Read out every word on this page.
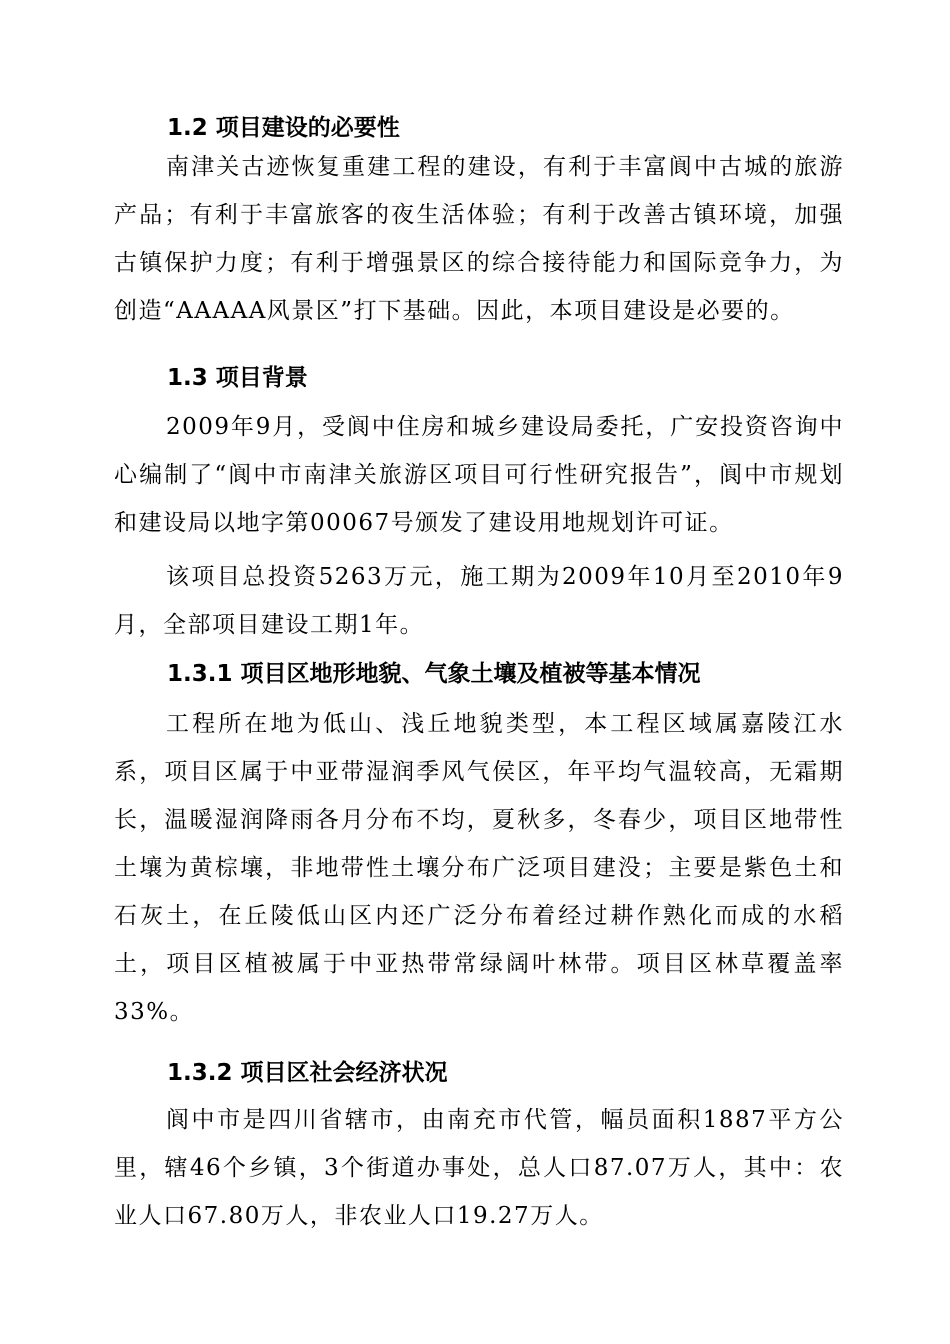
1.2 项目建设的必要性

南津关古迹恢复重建工程的建设，有利于丰富阆中古城的旅游产品；有利于丰富旅客的夜生活体验；有利于改善古镇环境，加强古镇保护力度；有利于增强景区的综合接待能力和国际竞争力，为创造“AAAAA风景区”打下基础。因此，本项目建设是必要的。

1.3 项目背景

2009年9月，受阆中住房和城乡建设局委托，广安投资咨询中心编制了“阆中市南津关旅游区项目可行性研究报告”，阆中市规划和建设局以地字第00067号颁发了建设用地规划许可证。

该项目总投资5263万元，施工期为2009年10月至2010年9月，全部项目建设工期1年。

1.3.1 项目区地形地貌、气象土壤及植被等基本情况

工程所在地为低山、浅丘地貌类型，本工程区域属嘉陵江水系，项目区属于中亚带湿润季风气侯区，年平均气温较高，无霜期长，温暖湿润降雨各月分布不均，夏秋多，冬春少，项目区地带性土壤为黄棕壤，非地带性土壤分布广泛项目建没；主要是紫色土和石灰土，在丘陵低山区内还广泛分布着经过耕作熟化而成的水稻土，项目区植被属于中亚热带常绿阔叶林带。项目区林草覆盖率33%。

1.3.2 项目区社会经济状况

阆中市是四川省辖市，由南充市代管，幅员面积1887平方公里，辖46个乡镇，3个街道办事处，总人口87.07万人，其中：农业人口67.80万人，非农业人口19.27万人。
